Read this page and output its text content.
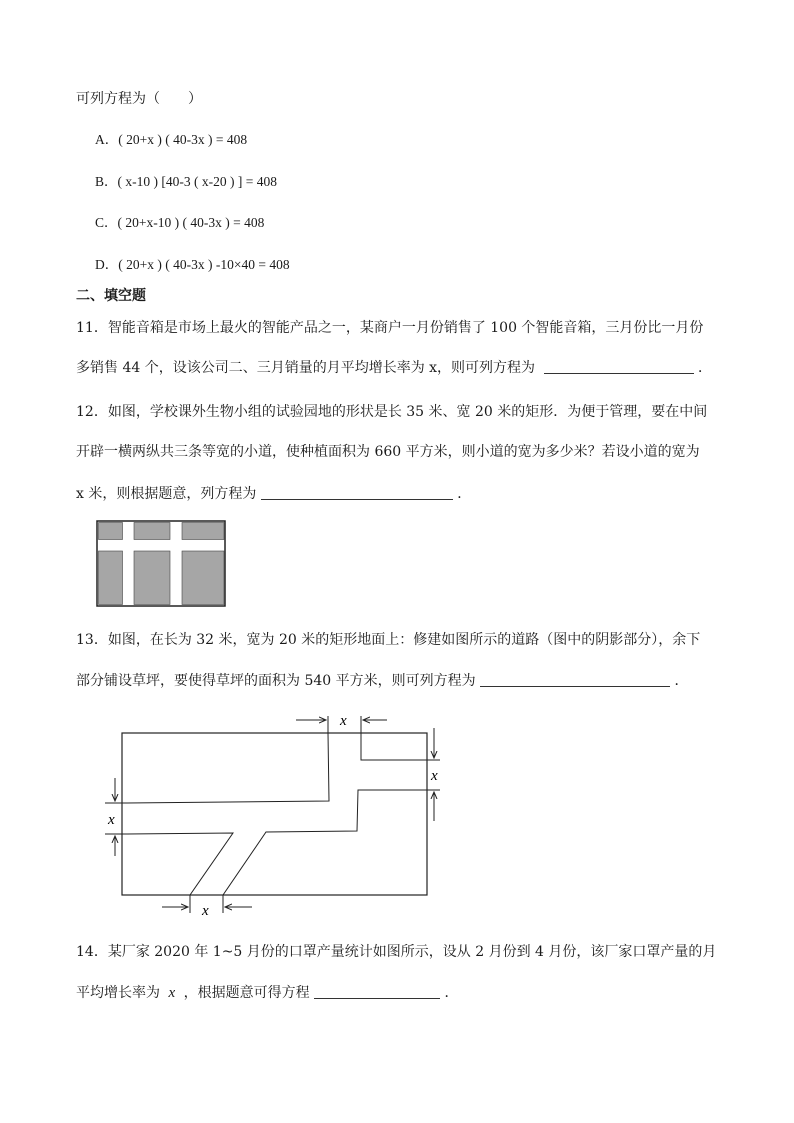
可列方程为（　　）
A．( 20+x ) ( 40-3x ) = 408
B．( x-10 ) [40-3 ( x-20 ) ] = 408
C．( 20+x-10 ) ( 40-3x ) = 408
D．( 20+x ) ( 40-3x ) -10×40 = 408
二、填空题
11．智能音箱是市场上最火的智能产品之一，某商户一月份销售了 100 个智能音箱，三月份比一月份
多销售 44 个，设该公司二、三月销量的月平均增长率为 x，则可列方程为	．
12．如图，学校课外生物小组的试验园地的形状是长 35 米、宽 20 米的矩形．为便于管理，要在中间
开辟一横两纵共三条等宽的小道，使种植面积为 660 平方米，则小道的宽为多少米？若设小道的宽为
x 米，则根据题意，列方程为	．
13．如图，在长为 32 米，宽为 20 米的矩形地面上：修建如图所示的道路（图中的阴影部分），余下
部分铺设草坪，要使得草坪的面积为 540 平方米，则可列方程为	．
x
x
x
x
14．某厂家 2020 年 1~5 月份的口罩产量统计如图所示，设从 2 月份到 4 月份，该厂家口罩产量的月
平均增长率为 x ，根据题意可得方程	．
